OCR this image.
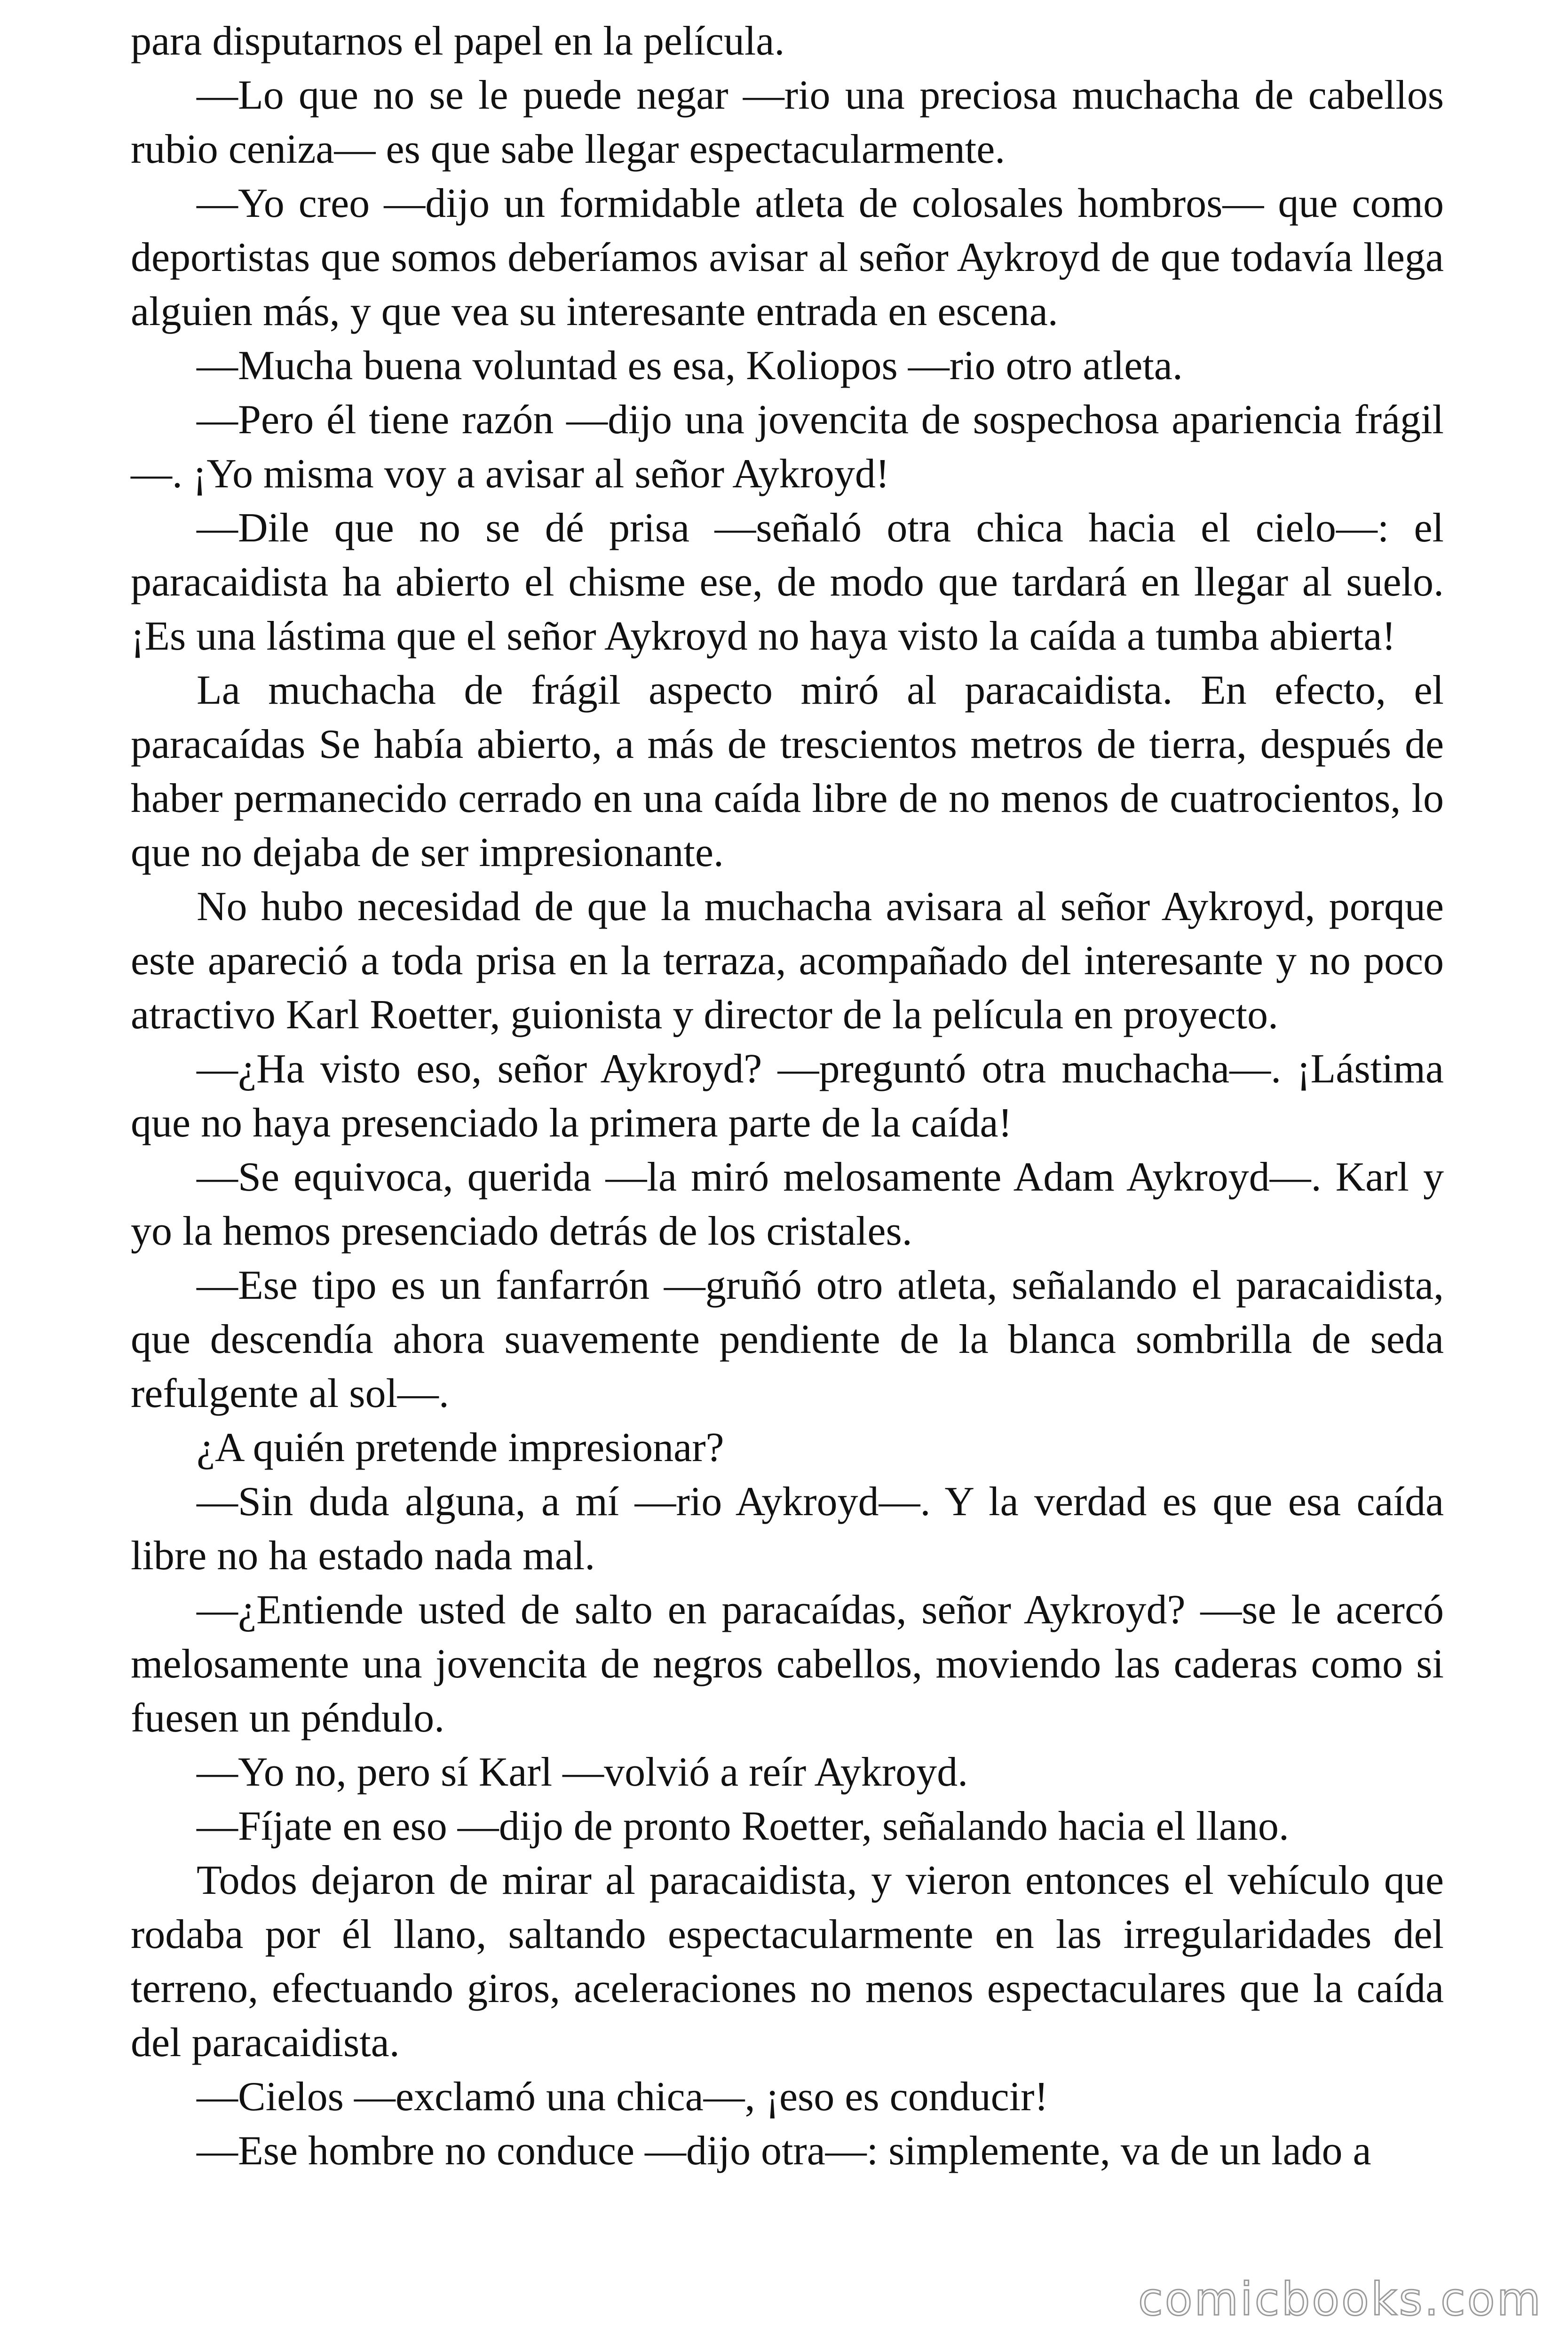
para disputarnos el papel en la película.

—Lo que no se le puede negar —rio una preciosa muchacha de cabellos rubio ceniza— es que sabe llegar espectacularmente.

—Yo creo —dijo un formidable atleta de colosales hombros— que como deportistas que somos deberíamos avisar al señor Aykroyd de que todavía llega alguien más, y que vea su interesante entrada en escena.

—Mucha buena voluntad es esa, Koliopos —rio otro atleta.

—Pero él tiene razón —dijo una jovencita de sospechosa apariencia frágil—. ¡Yo misma voy a avisar al señor Aykroyd!

—Dile que no se dé prisa —señaló otra chica hacia el cielo—: el paracaidista ha abierto el chisme ese, de modo que tardará en llegar al suelo. ¡Es una lástima que el señor Aykroyd no haya visto la caída a tumba abierta!

La muchacha de frágil aspecto miró al paracaidista. En efecto, el paracaídas Se había abierto, a más de trescientos metros de tierra, después de haber permanecido cerrado en una caída libre de no menos de cuatrocientos, lo que no dejaba de ser impresionante.

No hubo necesidad de que la muchacha avisara al señor Aykroyd, porque este apareció a toda prisa en la terraza, acompañado del interesante y no poco atractivo Karl Roetter, guionista y director de la película en proyecto.

—¿Ha visto eso, señor Aykroyd? —preguntó otra muchacha—. ¡Lástima que no haya presenciado la primera parte de la caída!

—Se equivoca, querida —la miró melosamente Adam Aykroyd—. Karl y yo la hemos presenciado detrás de los cristales.

—Ese tipo es un fanfarrón —gruñó otro atleta, señalando el paracaidista, que descendía ahora suavemente pendiente de la blanca sombrilla de seda refulgente al sol—.

¿A quién pretende impresionar?

—Sin duda alguna, a mí —rio Aykroyd—. Y la verdad es que esa caída libre no ha estado nada mal.

—¿Entiende usted de salto en paracaídas, señor Aykroyd? —se le acercó melosamente una jovencita de negros cabellos, moviendo las caderas como si fuesen un péndulo.

—Yo no, pero sí Karl —volvió a reír Aykroyd.

—Fíjate en eso —dijo de pronto Roetter, señalando hacia el llano.

Todos dejaron de mirar al paracaidista, y vieron entonces el vehículo que rodaba por él llano, saltando espectacularmente en las irregularidades del terreno, efectuando giros, aceleraciones no menos espectaculares que la caída del paracaidista.

—Cielos —exclamó una chica—, ¡eso es conducir!

—Ese hombre no conduce —dijo otra—: simplemente, va de un lado a

comicbooks.com
